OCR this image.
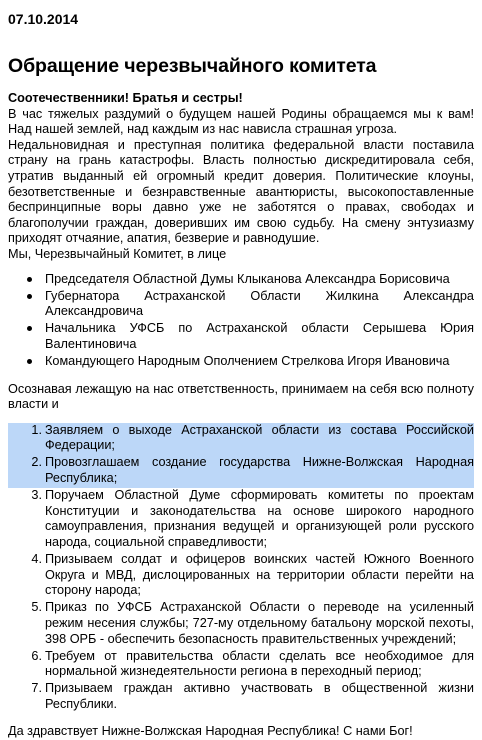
07.10.2014
Обращение черезвычайного комитета

Соотечественники! Братья и сестры!

В час тяжелых раздумий о будущем нашей Родины обращаемся мы к вам! Над нашей землей, над каждым из нас нависла страшная угроза.

Недальновидная и преступная политика федеральной власти поставила страну на грань катастрофы. Власть полностью дискредитировала себя, утратив выданный ей огромный кредит доверия. Политические клоуны, безответственные и безнравственные авантюристы, высокопоставленные беспринципные воры давно уже не заботятся о правах, свободах и благополучии граждан, доверивших им свою судьбу. На смену энтузиазму приходят отчаяние, апатия, безверие и равнодушие.

Мы, Черезвычайный Комитет, в лице

Председателя Областной Думы Клыканова Александра Борисовича
Губернатора Астраханской Области Жилкина Александра Александровича
Начальника УФСБ по Астраханской области Серышева Юрия Валентиновича
Командующего Народным Ополчением Стрелкова Игоря Ивановича

Осознавая лежащую на нас ответственность, принимаем на себя всю полноту власти и

1. Заявляем о выходе Астраханской области из состава Российской Федерации;
2. Провозглашаем создание государства Нижне-Волжская Народная Республика;
3. Поручаем Областной Думе сформировать комитеты по проектам Конституции и законодательства на основе широкого народного самоуправления, признания ведущей и организующей роли русского народа, социальной справедливости;
4. Призываем солдат и офицеров воинских частей Южного Военного Округа и МВД, дислоцированных на территории области перейти на сторону народа;
5. Приказ по УФСБ Астраханской Области о переводе на усиленный режим несения службы; 727-му отдельному батальону морской пехоты, 398 ОРБ - обеспечить безопасность правительственных учреждений;
6. Требуем от правительства области сделать все необходимое для нормальной жизнедеятельности региона в переходный период;
7. Призываем граждан активно участвовать в общественной жизни Республики.

Да здравствует Нижне-Волжская Народная Республика! С нами Бог!
